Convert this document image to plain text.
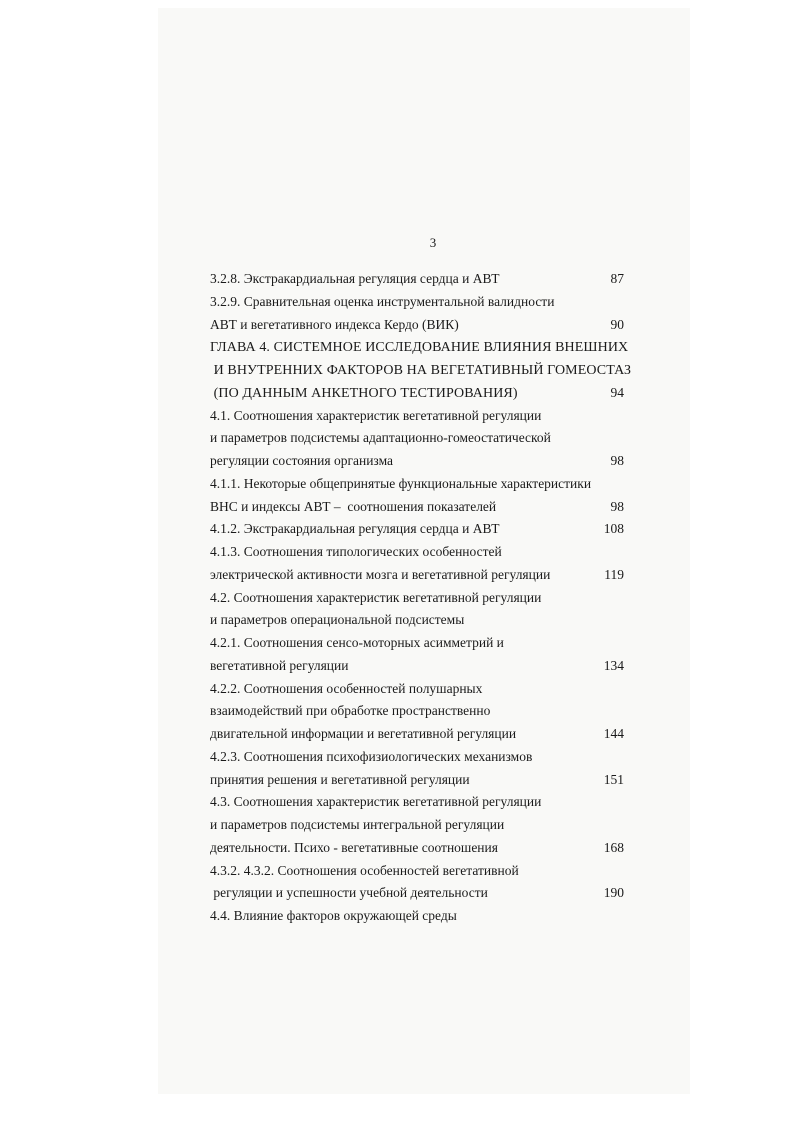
3
3.2.8. Экстракардиальная регуляция сердца и АВТ	87
3.2.9. Сравнительная оценка инструментальной валидности
АВТ и вегетативного индекса Кердо (ВИК)	90
ГЛАВА 4. СИСТЕМНОЕ ИССЛЕДОВАНИЕ ВЛИЯНИЯ ВНЕШНИХ
И ВНУТРЕННИХ ФАКТОРОВ НА ВЕГЕТАТИВНЫЙ ГОМЕОСТАЗ
(ПО ДАННЫМ АНКЕТНОГО ТЕСТИРОВАНИЯ)	94
4.1. Соотношения характеристик вегетативной регуляции
и параметров подсистемы адаптационно-гомеостатической
регуляции состояния организма	98
4.1.1. Некоторые общепринятые функциональные характеристики
ВНС и индексы АВТ –  соотношения показателей	98
4.1.2. Экстракардиальная регуляция сердца и АВТ	108
4.1.3. Соотношения типологических особенностей
электрической активности мозга и вегетативной регуляции	119
4.2. Соотношения характеристик вегетативной регуляции
и параметров операциональной подсистемы
4.2.1. Соотношения сенсо-моторных асимметрий и
вегетативной регуляции	134
4.2.2. Соотношения особенностей полушарных
взаимодействий при обработке пространственно
двигательной информации и вегетативной регуляции	144
4.2.3. Соотношения психофизиологических механизмов
принятия решения и вегетативной регуляции	151
4.3. Соотношения характеристик вегетативной регуляции
и параметров подсистемы интегральной регуляции
деятельности. Психо - вегетативные соотношения	168
4.3.2. 4.3.2. Соотношения особенностей вегетативной
регуляции и успешности учебной деятельности	190
4.4. Влияние факторов окружающей среды
